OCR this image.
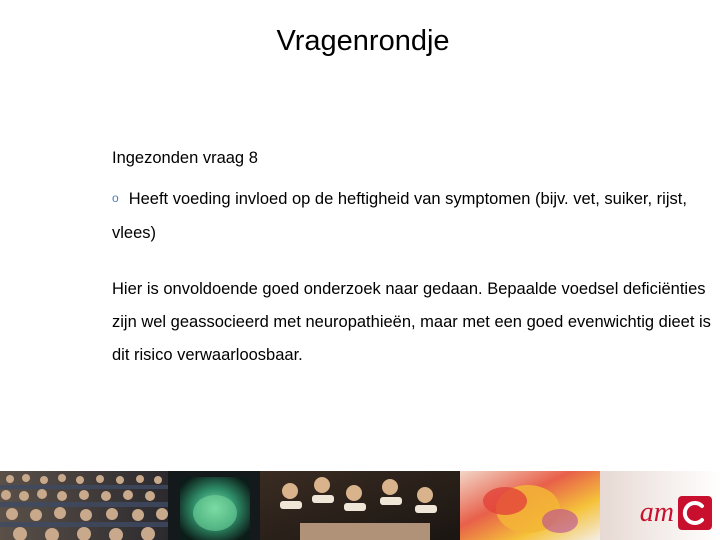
Vragenrondje

Ingezonden vraag 8

o Heeft voeding invloed op de heftigheid van symptomen (bijv. vet, suiker, rijst, vlees)
Hier is onvoldoende goed onderzoek naar gedaan. Bepaalde voedsel deficiënties zijn wel geassocieerd met neuropathieën, maar met een goed evenwichtig dieet is dit risico verwaarloosbaar.
am
